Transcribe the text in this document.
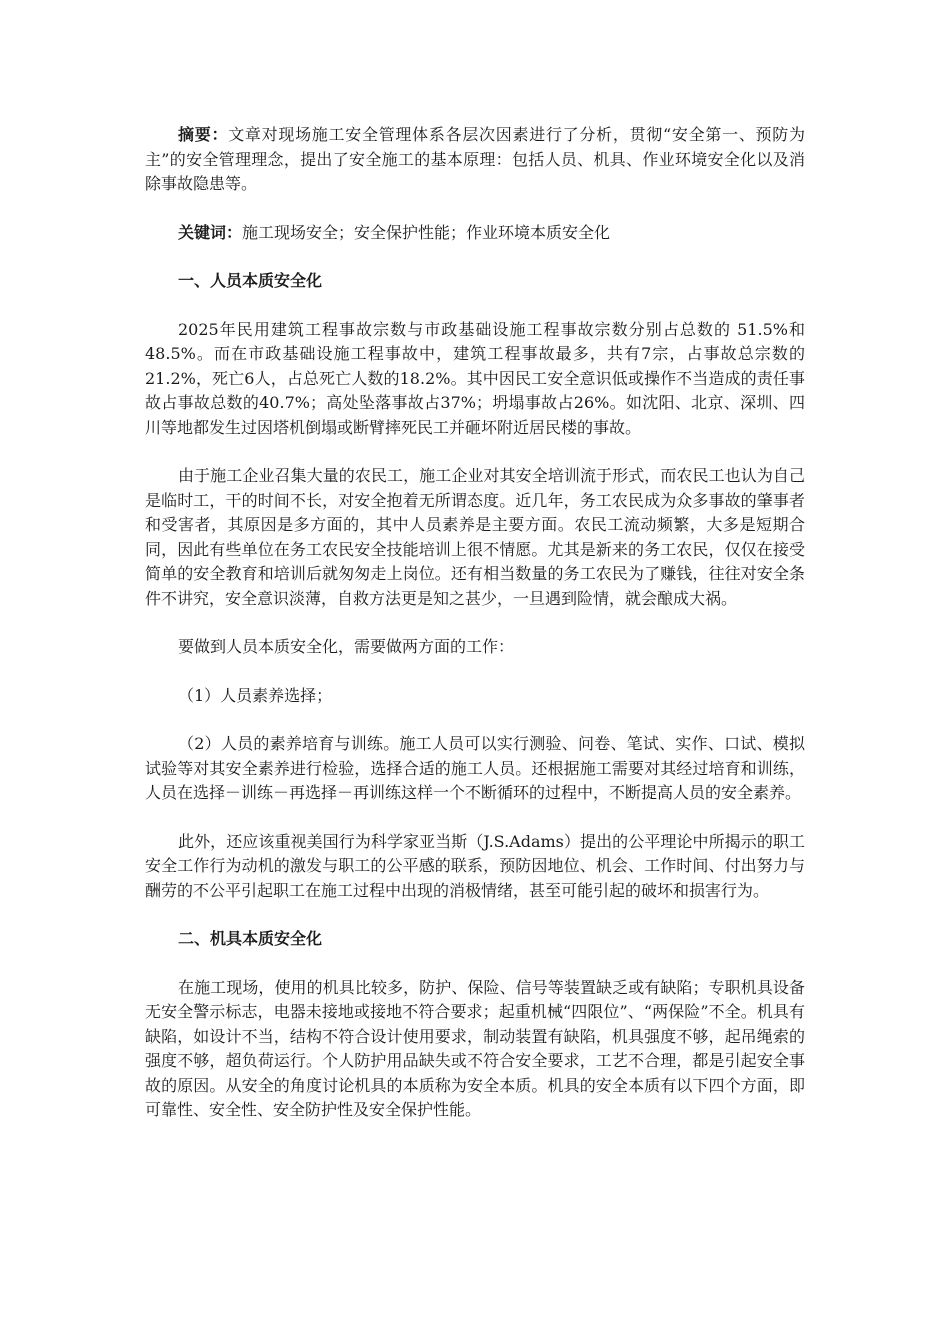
摘要：文章对现场施工安全管理体系各层次因素进行了分析，贯彻“安全第一、预防为主”的安全管理理念，提出了安全施工的基本原理：包括人员、机具、作业环境安全化以及消除事故隐患等。

关键词：施工现场安全；安全保护性能；作业环境本质安全化

一、人员本质安全化

2025年民用建筑工程事故宗数与市政基础设施工程事故宗数分别占总数的 51.5%和48.5%。而在市政基础设施工程事故中，建筑工程事故最多，共有7宗，占事故总宗数的21.2%，死亡6人，占总死亡人数的18.2%。其中因民工安全意识低或操作不当造成的责任事故占事故总数的40.7%；高处坠落事故占37%；坍塌事故占26%。如沈阳、北京、深圳、四川等地都发生过因塔机倒塌或断臂摔死民工并砸坏附近居民楼的事故。

由于施工企业召集大量的农民工，施工企业对其安全培训流于形式，而农民工也认为自己是临时工，干的时间不长，对安全抱着无所谓态度。近几年，务工农民成为众多事故的肇事者和受害者，其原因是多方面的，其中人员素养是主要方面。农民工流动频繁，大多是短期合同，因此有些单位在务工农民安全技能培训上很不情愿。尤其是新来的务工农民，仅仅在接受简单的安全教育和培训后就匆匆走上岗位。还有相当数量的务工农民为了赚钱，往往对安全条件不讲究，安全意识淡薄，自救方法更是知之甚少，一旦遇到险情，就会酿成大祸。

要做到人员本质安全化，需要做两方面的工作：

（1）人员素养选择；

（2）人员的素养培育与训练。施工人员可以实行测验、问卷、笔试、实作、口试、模拟试验等对其安全素养进行检验，选择合适的施工人员。还根据施工需要对其经过培育和训练，人员在选择－训练－再选择－再训练这样一个不断循环的过程中，不断提高人员的安全素养。

此外，还应该重视美国行为科学家亚当斯（J.S.Adams）提出的公平理论中所揭示的职工安全工作行为动机的激发与职工的公平感的联系，预防因地位、机会、工作时间、付出努力与酬劳的不公平引起职工在施工过程中出现的消极情绪，甚至可能引起的破坏和损害行为。

二、机具本质安全化

在施工现场，使用的机具比较多，防护、保险、信号等装置缺乏或有缺陷；专职机具设备无安全警示标志，电器未接地或接地不符合要求；起重机械“四限位”、“两保险”不全。机具有缺陷，如设计不当，结构不符合设计使用要求，制动装置有缺陷，机具强度不够，起吊绳索的强度不够，超负荷运行。个人防护用品缺失或不符合安全要求，工艺不合理，都是引起安全事故的原因。从安全的角度讨论机具的本质称为安全本质。机具的安全本质有以下四个方面，即可靠性、安全性、安全防护性及安全保护性能。
